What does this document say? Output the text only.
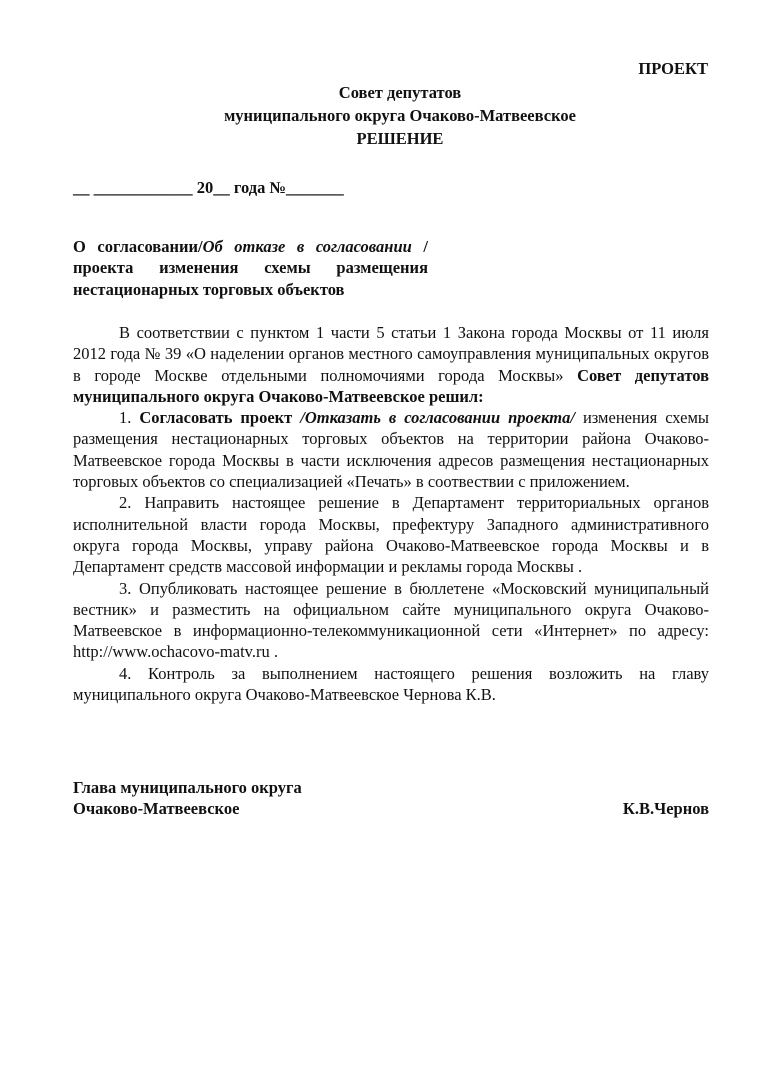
ПРОЕКТ
Совет депутатов
муниципального округа Очаково-Матвеевское
РЕШЕНИЕ
__ ____________ 20__ года №_______
О согласовании/Об отказе в согласовании /
проекта изменения схемы размещения
нестационарных торговых объектов

В соответствии с пунктом 1 части 5 статьи 1 Закона города Москвы от 11 июля 2012 года № 39 «О наделении органов местного самоуправления муниципальных округов в городе Москве отдельными полномочиями города Москвы» Совет депутатов муниципального округа Очаково-Матвеевское решил:

1. Согласовать проект /Отказать в согласовании проекта/ изменения схемы размещения нестационарных торговых объектов на территории района Очаково-Матвеевское города Москвы в части исключения адресов размещения нестационарных торговых объектов со специализацией «Печать» в соотвествии с приложением.

2. Направить настоящее решение в Департамент территориальных органов исполнительной власти города Москвы, префектуру Западного административного округа города Москвы, управу района Очаково-Матвеевское города Москвы и в Департамент средств массовой информации и рекламы города Москвы .

3. Опубликовать настоящее решение в бюллетене «Московский муниципальный вестник» и разместить на официальном сайте муниципального округа Очаково-Матвеевское в информационно-телекоммуникационной сети «Интернет» по адресу: http://www.ochacovo-matv.ru .

4. Контроль за выполнением настоящего решения возложить на главу муниципального округа Очаково-Матвеевское Чернова К.В.

Глава муниципального округа
Очаково-Матвеевское	К.В.Чернов
